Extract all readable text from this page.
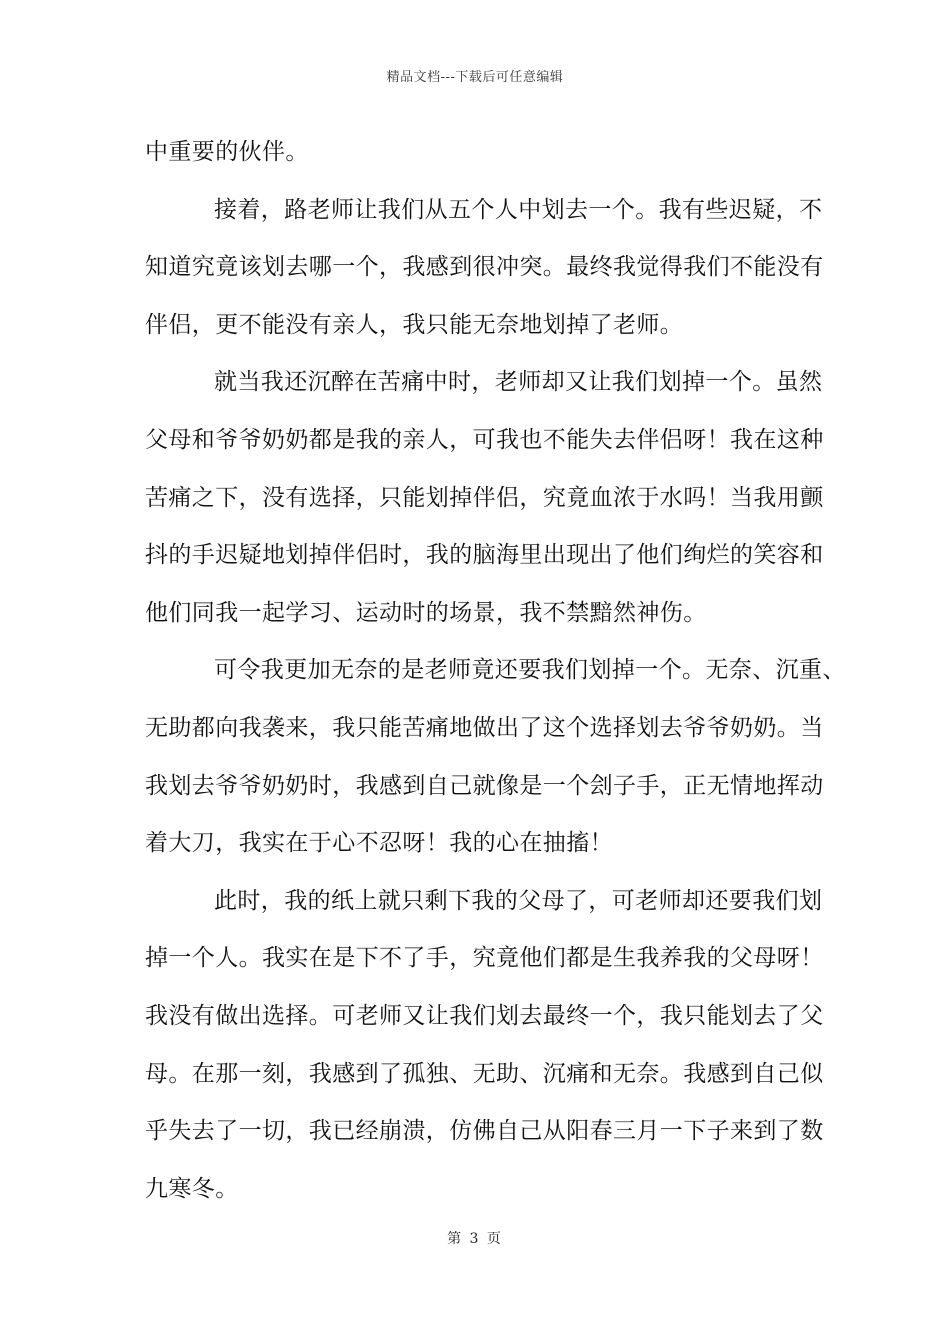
精品文档---下载后可任意编辑
中重要的伙伴。
接着，路老师让我们从五个人中划去一个。我有些迟疑，不
知道究竟该划去哪一个，我感到很冲突。最终我觉得我们不能没有
伴侣，更不能没有亲人，我只能无奈地划掉了老师。
就当我还沉醉在苦痛中时，老师却又让我们划掉一个。虽然
父母和爷爷奶奶都是我的亲人，可我也不能失去伴侣呀！我在这种
苦痛之下，没有选择，只能划掉伴侣，究竟血浓于水吗！当我用颤
抖的手迟疑地划掉伴侣时，我的脑海里出现出了他们绚烂的笑容和
他们同我一起学习、运动时的场景，我不禁黯然神伤。
可令我更加无奈的是老师竟还要我们划掉一个。无奈、沉重、
无助都向我袭来，我只能苦痛地做出了这个选择划去爷爷奶奶。当
我划去爷爷奶奶时，我感到自己就像是一个刽子手，正无情地挥动
着大刀，我实在于心不忍呀！我的心在抽搐！
此时，我的纸上就只剩下我的父母了，可老师却还要我们划
掉一个人。我实在是下不了手，究竟他们都是生我养我的父母呀！
我没有做出选择。可老师又让我们划去最终一个，我只能划去了父
母。在那一刻，我感到了孤独、无助、沉痛和无奈。我感到自己似
乎失去了一切，我已经崩溃，仿佛自己从阳春三月一下子来到了数
九寒冬。
第 3 页
